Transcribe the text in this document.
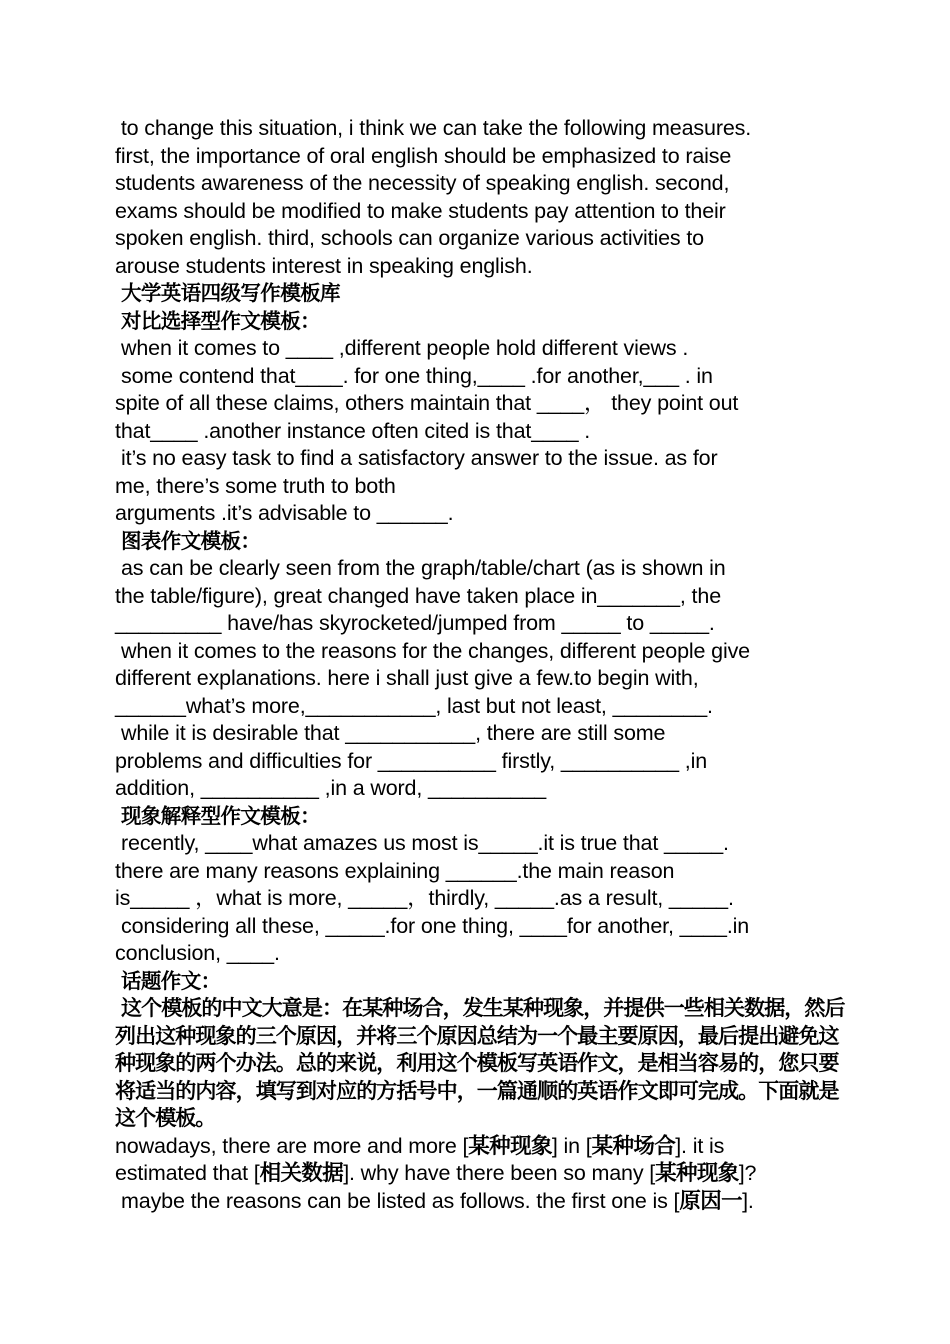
to change this situation, i think we can take the following measures.

first, the importance of oral english should be emphasized to raise

students awareness of the necessity of speaking english. second,

exams should be modified to make students pay attention to their

spoken english. third, schools can organize various activities to

arouse students interest in speaking english.

大学英语四级写作模板库

对比选择型作文模板：

when it comes to ____ ,different people hold different views .

some contend that____. for one thing,____ .for another,___ . in

spite of all these claims, others maintain that ____， they point out

that____ .another instance often cited is that____ .

it’s no easy task to find a satisfactory answer to the issue. as for

me, there’s some truth to both

arguments .it’s advisable to ______.

图表作文模板：

as can be clearly seen from the graph/table/chart (as is shown in

the table/figure), great changed have taken place in_______, the

_________ have/has skyrocketed/jumped from _____ to _____.

when it comes to the reasons for the changes, different people give

different explanations. here i shall just give a few.to begin with,

______what’s more,___________, last but not least, ________.

while it is desirable that ___________, there are still some

problems and difficulties for __________ firstly, __________ ,in

addition, __________ ,in a word, __________

现象解释型作文模板：

recently, ____what amazes us most is_____.it is true that _____.

there are many reasons explaining ______.the main reason

is_____ ，what is more, _____，thirdly, _____.as a result, _____.

considering all these, _____.for one thing, ____for another, ____.in

conclusion, ____.

话题作文：

这个模板的中文大意是：在某种场合，发生某种现象，并提供一些相关数据，然后列出这种现象的三个原因，并将三个原因总结为一个最主要原因，最后提出避免这种现象的两个办法。总的来说，利用这个模板写英语作文，是相当容易的，您只要将适当的内容，填写到对应的方括号中，一篇通顺的英语作文即可完成。下面就是这个模板。

nowadays, there are more and more [某种现象] in [某种场合]. it is

estimated that [相关数据]. why have there been so many [某种现象]?

maybe the reasons can be listed as follows. the first one is [原因一].
